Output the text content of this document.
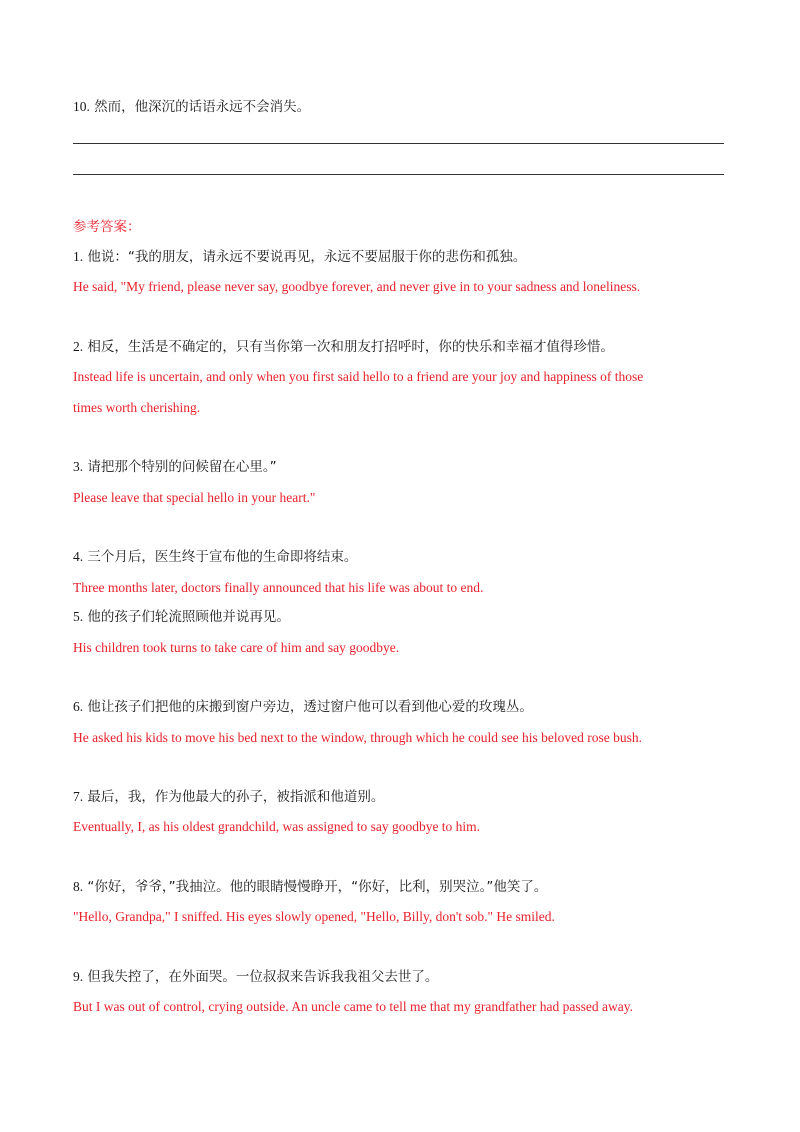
10. 然而，他深沉的话语永远不会消失。
参考答案：
1. 他说：“我的朋友，请永远不要说再见，永远不要屈服于你的悲伤和孤独。
He said, "My friend, please never say, goodbye forever, and never give in to your sadness and loneliness.
2. 相反，生活是不确定的，只有当你第一次和朋友打招呼时，你的快乐和幸福才值得珍惜。
Instead life is uncertain, and only when you first said hello to a friend are your joy and happiness of those
times worth cherishing.
3. 请把那个特别的问候留在心里。”
Please leave that special hello in your heart."
4. 三个月后，医生终于宣布他的生命即将结束。
Three months later, doctors finally announced that his life was about to end.
5. 他的孩子们轮流照顾他并说再见。
His children took turns to take care of him and say goodbye.
6. 他让孩子们把他的床搬到窗户旁边，透过窗户他可以看到他心爱的玫瑰丛。
He asked his kids to move his bed next to the window, through which he could see his beloved rose bush.
7. 最后，我，作为他最大的孙子，被指派和他道别。
Eventually, I, as his oldest grandchild, was assigned to say goodbye to him.
8. “你好，爷爷，”我抽泣。他的眼睛慢慢睁开，“你好，比利，别哭泣。”他笑了。
"Hello, Grandpa," I sniffed. His eyes slowly opened, "Hello, Billy, don't sob." He smiled.
9. 但我失控了，在外面哭。一位叔叔来告诉我我祖父去世了。
But I was out of control, crying outside. An uncle came to tell me that my grandfather had passed away.
